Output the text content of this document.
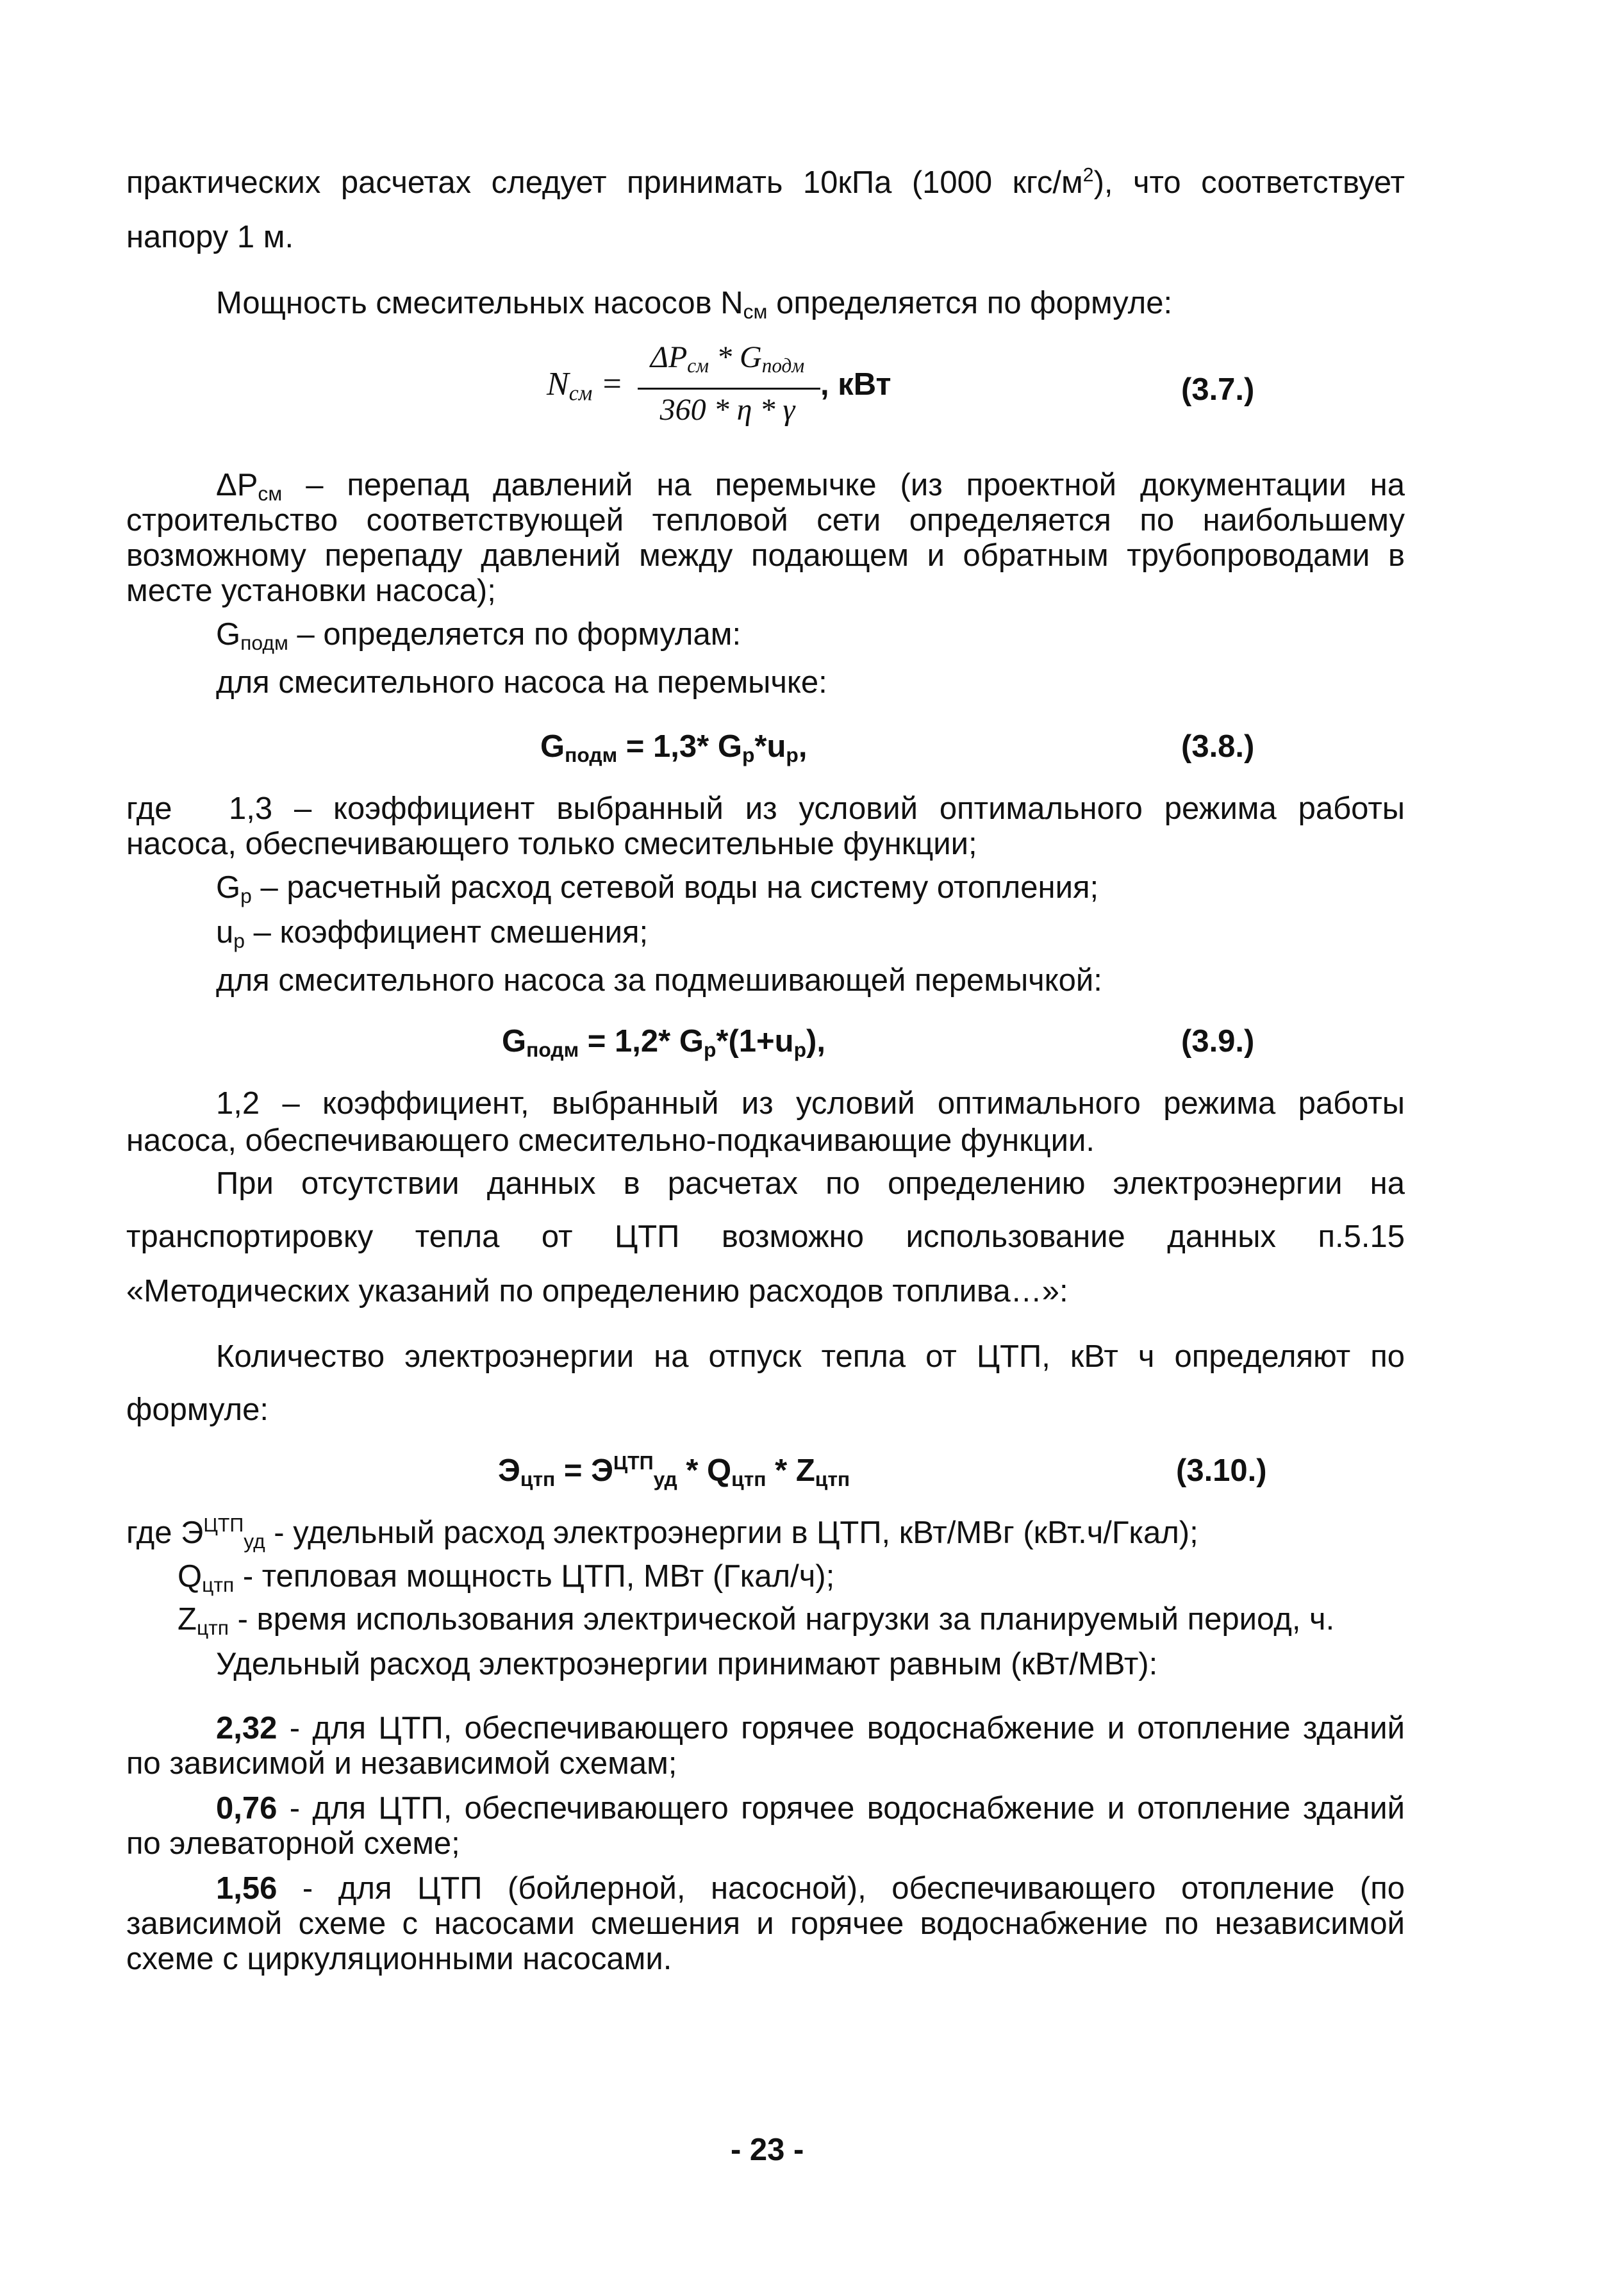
практических расчетах следует принимать 10кПа (1000 кгс/$м^2$), что соответствует
напору 1 м.
Мощность смесительных насосов $N_{см}$ определяется по формуле:
$N_{см}$ =
$\Delta P_{см} * G_{подм}$
360 * η * γ
, кВт	(3.7.)
$\Delta P_{см}$ – перепад давлений на перемычке (из проектной документации на
строительство соответствующей тепловой сети определяется по наибольшему
возможному перепаду давлений между подающем и обратным трубопроводами в
месте установки насоса);
$G_{подм}$ – определяется по формулам:
для смесительного насоса на перемычке:
$G_{подм} = 1,3*$ $G_р*u_р$,	(3.8.)
где 1,3 – коэффициент выбранный из условий оптимального режима работы
насоса, обеспечивающего только смесительные функции;
$G_р$ – расчетный расход сетевой воды на систему отопления;
$u_р$ – коэффициент смешения;
для смесительного насоса за подмешивающей перемычкой:
$G_{подм} = 1,2*$ $G_р*(1+u_р)$,	(3.9.)
1,2 – коэффициент, выбранный из условий оптимального режима работы
насоса, обеспечивающего смесительно-подкачивающие функции.
При отсутствии данных в расчетах по определению электроэнергии на
транспортировку тепла от ЦТП возможно использование данных п.5.15
«Методических указаний по определению расходов топлива…»:
Количество электроэнергии на отпуск тепла от ЦТП, кВт ч определяют по
формуле:
$Э_{цтп} = Э^{ЦТП}_{уд} * Q_{цтп} * Z_{цтп}$	(3.10.)
где $Э^{ЦТП}_{уд}$ - удельный расход электроэнергии в ЦТП, кВт/МВг (кВт.ч/Гкал);
$Q_{цтп}$ - тепловая мощность ЦТП, МВт (Гкал/ч);
$Z_{цтп}$ - время использования электрической нагрузки за планируемый период, ч.
Удельный расход электроэнергии принимают равным (кВт/МВт):
2,32 - для ЦТП, обеспечивающего горячее водоснабжение и отопление зданий
по зависимой и независимой схемам;
0,76 - для ЦТП, обеспечивающего горячее водоснабжение и отопление зданий
по элеваторной схеме;
1,56 - для ЦТП (бойлерной, насосной), обеспечивающего отопление (по
зависимой схеме с насосами смешения и горячее водоснабжение по независимой
схеме с циркуляционными насосами.
- 23 -
